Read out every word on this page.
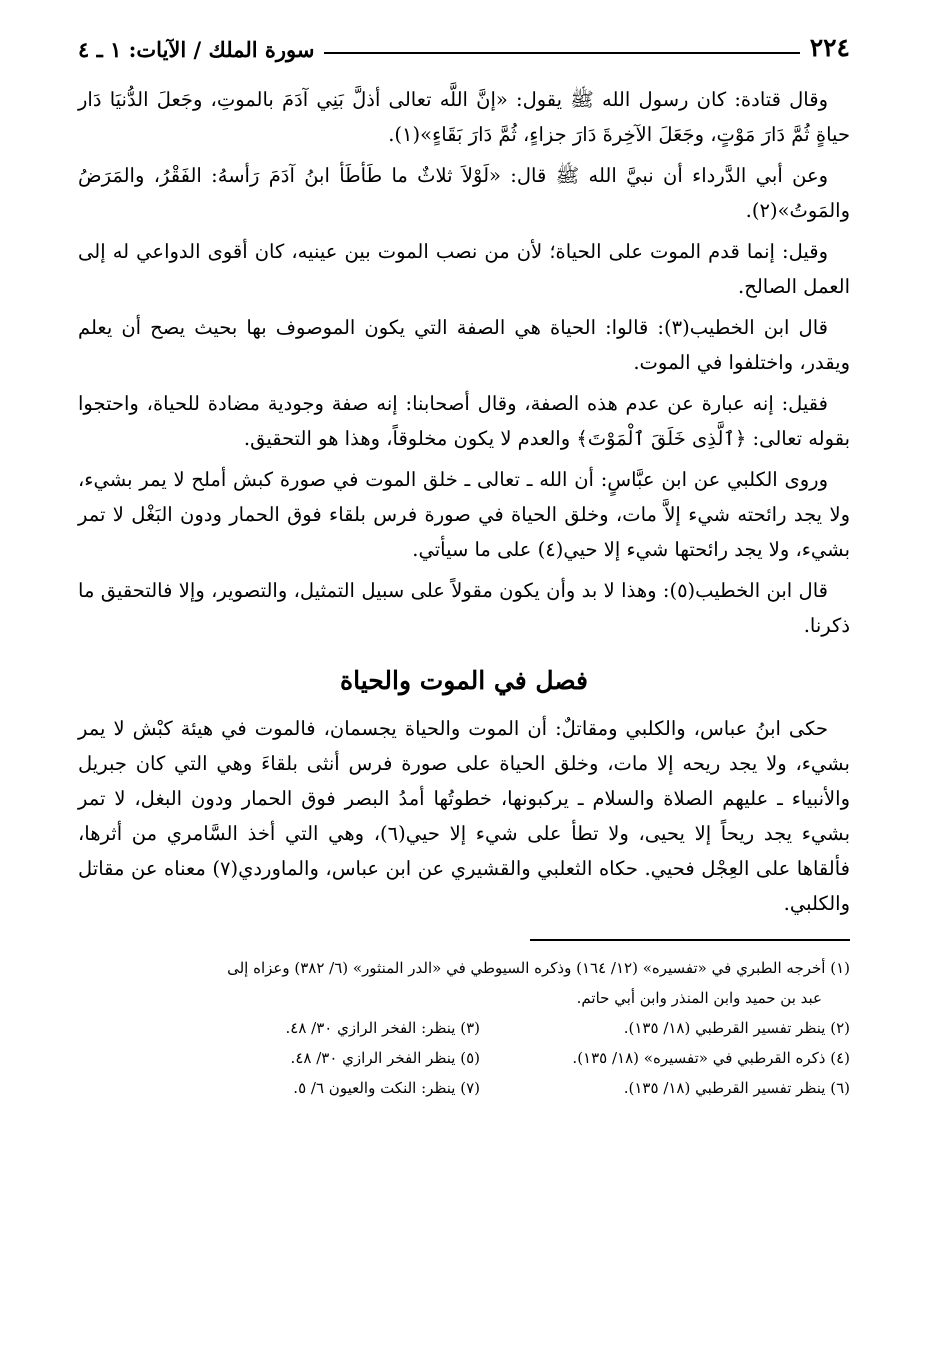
٢٢٤
سورة الملك / الآيات: ١ ـ ٤

وقال قتادة: كان رسول الله ﷺ يقول: «إنَّ اللَّه تعالى أذلَّ بَنِي آدَمَ بالموتِ، وجَعلَ الدُّنيَا دَار حياةٍ ثُمَّ دَارَ مَوْتٍ، وجَعَلَ الآخِرةَ دَارَ جزاءٍ، ثُمَّ دَارَ بَقَاءٍ»(١).

وعن أبي الدَّرداء أن نبيَّ الله ﷺ قال: «لَوْلاَ ثلاثٌ ما طَأطَأ ابنُ آدَمَ رَأسهُ: الفَقْرُ، والمَرَضُ والمَوتُ»(٢).

وقيل: إنما قدم الموت على الحياة؛ لأن من نصب الموت بين عينيه، كان أقوى الدواعي له إلى العمل الصالح.

قال ابن الخطيب(٣): قالوا: الحياة هي الصفة التي يكون الموصوف بها بحيث يصح أن يعلم ويقدر، واختلفوا في الموت.

فقيل: إنه عبارة عن عدم هذه الصفة، وقال أصحابنا: إنه صفة وجودية مضادة للحياة، واحتجوا بقوله تعالى: ﴿ٱلَّذِى خَلَقَ ٱلْمَوْتَ﴾ والعدم لا يكون مخلوقاً، وهذا هو التحقيق.

وروى الكلبي عن ابن عبَّاسٍ: أن الله ـ تعالى ـ خلق الموت في صورة كبش أملح لا يمر بشيء، ولا يجد رائحته شيء إلاَّ مات، وخلق الحياة في صورة فرس بلقاء فوق الحمار ودون البَغْل لا تمر بشيء، ولا يجد رائحتها شيء إلا حيي(٤) على ما سيأتي.

قال ابن الخطيب(٥): وهذا لا بد وأن يكون مقولاً على سبيل التمثيل، والتصوير، وإلا فالتحقيق ما ذكرنا.

فصل في الموت والحياة

حكى ابنُ عباس، والكلبي ومقاتلٌ: أن الموت والحياة يجسمان، فالموت في هيئة كبْش لا يمر بشيء، ولا يجد ريحه إلا مات، وخلق الحياة على صورة فرس أنثى بلقاءَ وهي التي كان جبريل والأنبياء ـ عليهم الصلاة والسلام ـ يركبونها، خطوتُها أمدُ البصر فوق الحمار ودون البغل، لا تمر بشيء يجد ريحاً إلا يحيى، ولا تطأ على شيء إلا حيي(٦)، وهي التي أخذ السَّامري من أثرها، فألقاها على العِجْل فحيي. حكاه الثعلبي والقشيري عن ابن عباس، والماوردي(٧) معناه عن مقاتل والكلبي.

(١) أخرجه الطبري في «تفسيره» (١٢/ ١٦٤) وذكره السيوطي في «الدر المنثور» (٦/ ٣٨٢) وعزاه إلى
عبد بن حميد وابن المنذر وابن أبي حاتم.
(٢) ينظر تفسير القرطبي (١٨/ ١٣٥).
(٣) ينظر: الفخر الرازي ٣٠/ ٤٨.
(٤) ذكره القرطبي في «تفسيره» (١٨/ ١٣٥).
(٥) ينظر الفخر الرازي ٣٠/ ٤٨.
(٦) ينظر تفسير القرطبي (١٨/ ١٣٥).
(٧) ينظر: النكت والعيون ٦/ ٥.
